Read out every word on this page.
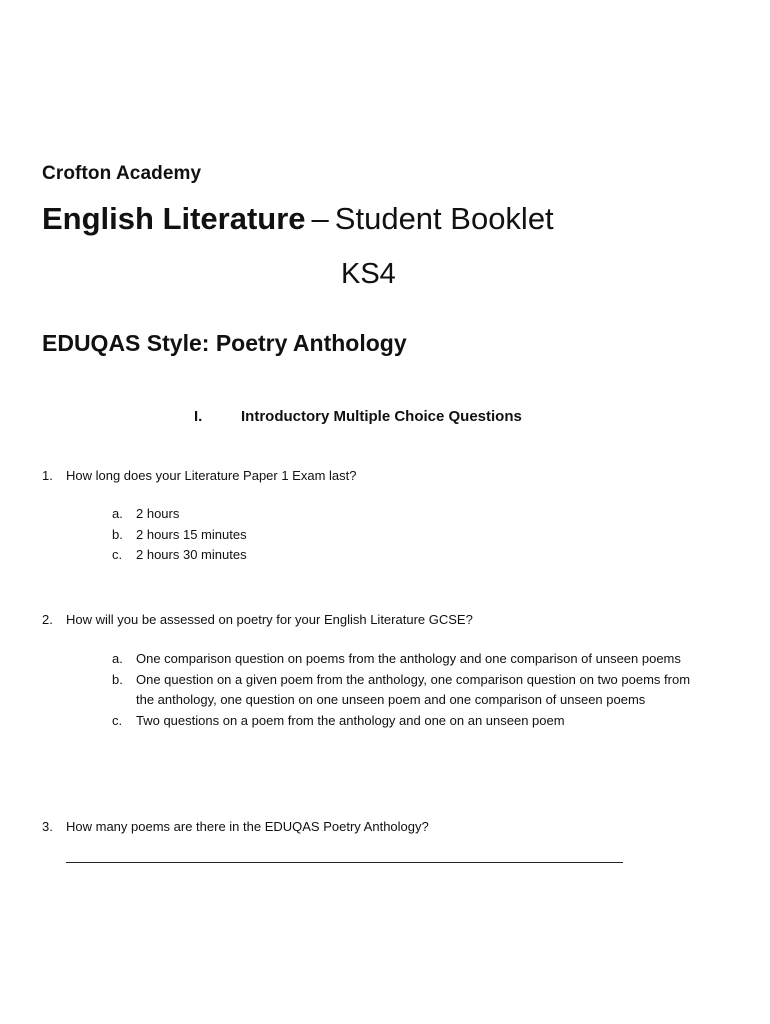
Crofton Academy
English Literature – Student Booklet
KS4
EDUQAS Style: Poetry Anthology
I.	Introductory Multiple Choice Questions
1. How long does your Literature Paper 1 Exam last?
a.	2 hours
b.	2 hours 15 minutes
c.	2 hours 30 minutes
2. How will you be assessed on poetry for your English Literature GCSE?
a.	One comparison question on poems from the anthology and one comparison of unseen poems
b.	One question on a given poem from the anthology, one comparison question on two poems from the anthology, one question on one unseen poem and one comparison of unseen poems
c.	Two questions on a poem from the anthology and one on an unseen poem
3. How many poems are there in the EDUQAS Poetry Anthology?
